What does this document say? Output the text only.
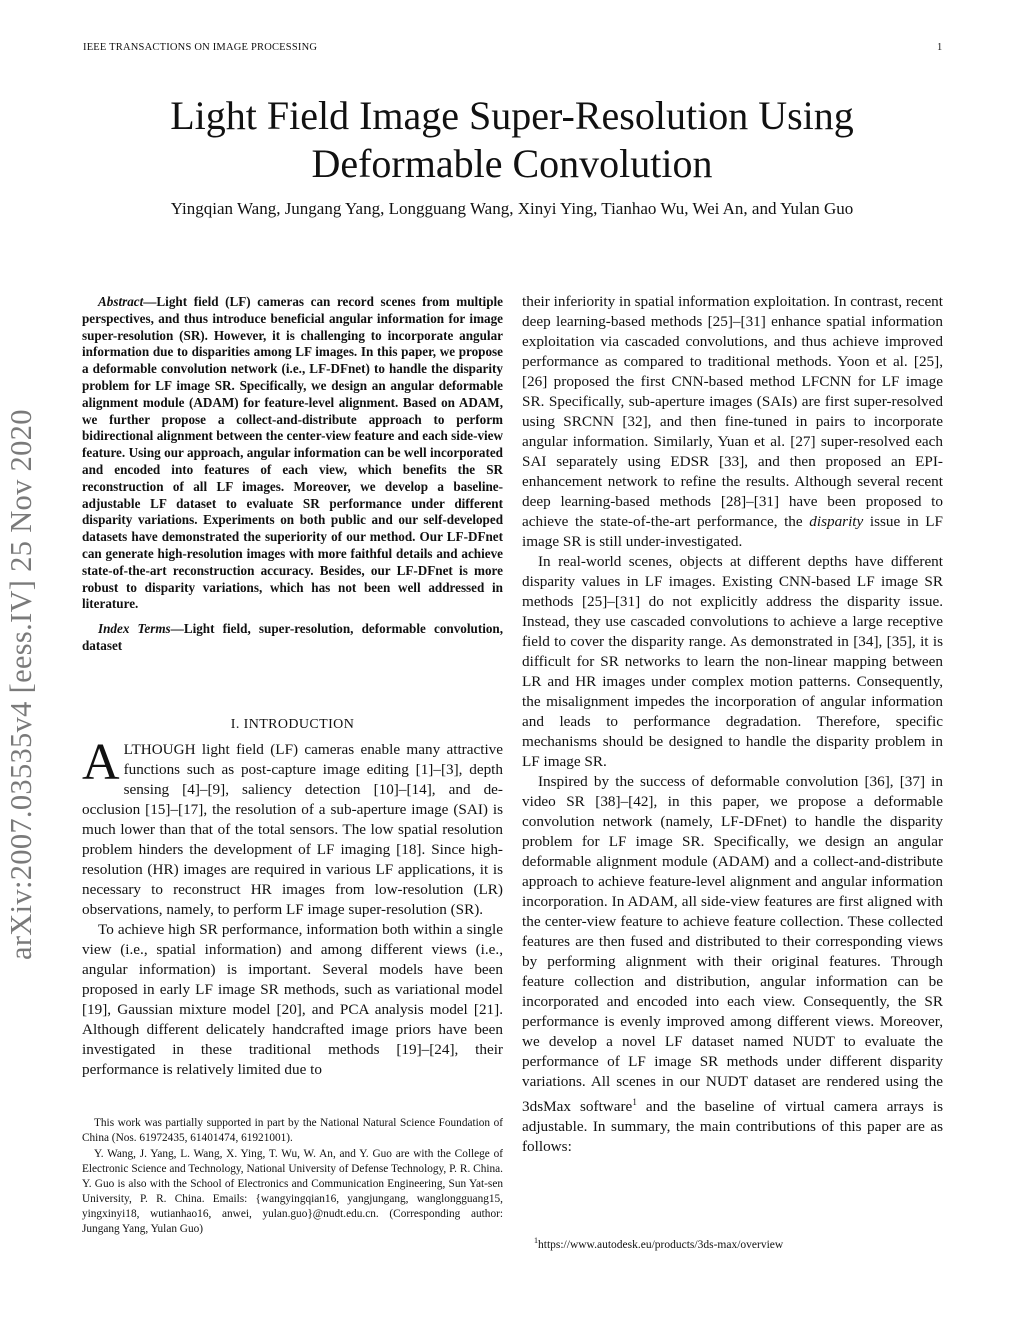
IEEE TRANSACTIONS ON IMAGE PROCESSING	1
Light Field Image Super-Resolution Using
Deformable Convolution
Yingqian Wang, Jungang Yang, Longguang Wang, Xinyi Ying, Tianhao Wu, Wei An, and Yulan Guo
arXiv:2007.03535v4 [eess.IV] 25 Nov 2020

Abstract—Light field (LF) cameras can record scenes from multiple perspectives, and thus introduce beneficial angular information for image super-resolution (SR). However, it is challenging to incorporate angular information due to disparities among LF images. In this paper, we propose a deformable convolution network (i.e., LF-DFnet) to handle the disparity problem for LF image SR. Specifically, we design an angular deformable alignment module (ADAM) for feature-level alignment. Based on ADAM, we further propose a collect-and-distribute approach to perform bidirectional alignment between the center-view feature and each side-view feature. Using our approach, angular information can be well incorporated and encoded into features of each view, which benefits the SR reconstruction of all LF images. Moreover, we develop a baseline-adjustable LF dataset to evaluate SR performance under different disparity variations. Experiments on both public and our self-developed datasets have demonstrated the superiority of our method. Our LF-DFnet can generate high-resolution images with more faithful details and achieve state-of-the-art reconstruction accuracy. Besides, our LF-DFnet is more robust to disparity variations, which has not been well addressed in literature.

Index Terms—Light field, super-resolution, deformable convolution, dataset

I. INTRODUCTION

ALTHOUGH light field (LF) cameras enable many attractive functions such as post-capture image editing [1]–[3], depth sensing [4]–[9], saliency detection [10]–[14], and de-occlusion [15]–[17], the resolution of a sub-aperture image (SAI) is much lower than that of the total sensors. The low spatial resolution problem hinders the development of LF imaging [18]. Since high-resolution (HR) images are required in various LF applications, it is necessary to reconstruct HR images from low-resolution (LR) observations, namely, to perform LF image super-resolution (SR).

To achieve high SR performance, information both within a single view (i.e., spatial information) and among different views (i.e., angular information) is important. Several models have been proposed in early LF image SR methods, such as variational model [19], Gaussian mixture model [20], and PCA analysis model [21]. Although different delicately handcrafted image priors have been investigated in these traditional methods [19]–[24], their performance is relatively limited due to

their inferiority in spatial information exploitation. In contrast, recent deep learning-based methods [25]–[31] enhance spatial information exploitation via cascaded convolutions, and thus achieve improved performance as compared to traditional methods. Yoon et al. [25], [26] proposed the first CNN-based method LFCNN for LF image SR. Specifically, sub-aperture images (SAIs) are first super-resolved using SRCNN [32], and then fine-tuned in pairs to incorporate angular information. Similarly, Yuan et al. [27] super-resolved each SAI separately using EDSR [33], and then proposed an EPI-enhancement network to refine the results. Although several recent deep learning-based methods [28]–[31] have been proposed to achieve the state-of-the-art performance, the disparity issue in LF image SR is still under-investigated.

In real-world scenes, objects at different depths have different disparity values in LF images. Existing CNN-based LF image SR methods [25]–[31] do not explicitly address the disparity issue. Instead, they use cascaded convolutions to achieve a large receptive field to cover the disparity range. As demonstrated in [34], [35], it is difficult for SR networks to learn the non-linear mapping between LR and HR images under complex motion patterns. Consequently, the misalignment impedes the incorporation of angular information and leads to performance degradation. Therefore, specific mechanisms should be designed to handle the disparity problem in LF image SR.

Inspired by the success of deformable convolution [36], [37] in video SR [38]–[42], in this paper, we propose a deformable convolution network (namely, LF-DFnet) to handle the disparity problem for LF image SR. Specifically, we design an angular deformable alignment module (ADAM) and a collect-and-distribute approach to achieve feature-level alignment and angular information incorporation. In ADAM, all side-view features are first aligned with the center-view feature to achieve feature collection. These collected features are then fused and distributed to their corresponding views by performing alignment with their original features. Through feature collection and distribution, angular information can be incorporated and encoded into each view. Consequently, the SR performance is evenly improved among different views. Moreover, we develop a novel LF dataset named NUDT to evaluate the performance of LF image SR methods under different disparity variations. All scenes in our NUDT dataset are rendered using the 3dsMax software$^1$ and the baseline of virtual camera arrays is adjustable. In summary, the main contributions of this paper are as follows:

This work was partially supported in part by the National Natural Science Foundation of China (Nos. 61972435, 61401474, 61921001).

Y. Wang, J. Yang, L. Wang, X. Ying, T. Wu, W. An, and Y. Guo are with the College of Electronic Science and Technology, National University of Defense Technology, P. R. China. Y. Guo is also with the School of Electronics and Communication Engineering, Sun Yat-sen University, P. R. China. Emails: {wangyingqian16, yangjungang, wanglongguang15, yingxinyi18, wutianhao16, anwei, yulan.guo}@nudt.edu.cn. (Corresponding author: Jungang Yang, Yulan Guo)

$^1$https://www.autodesk.eu/products/3ds-max/overview
